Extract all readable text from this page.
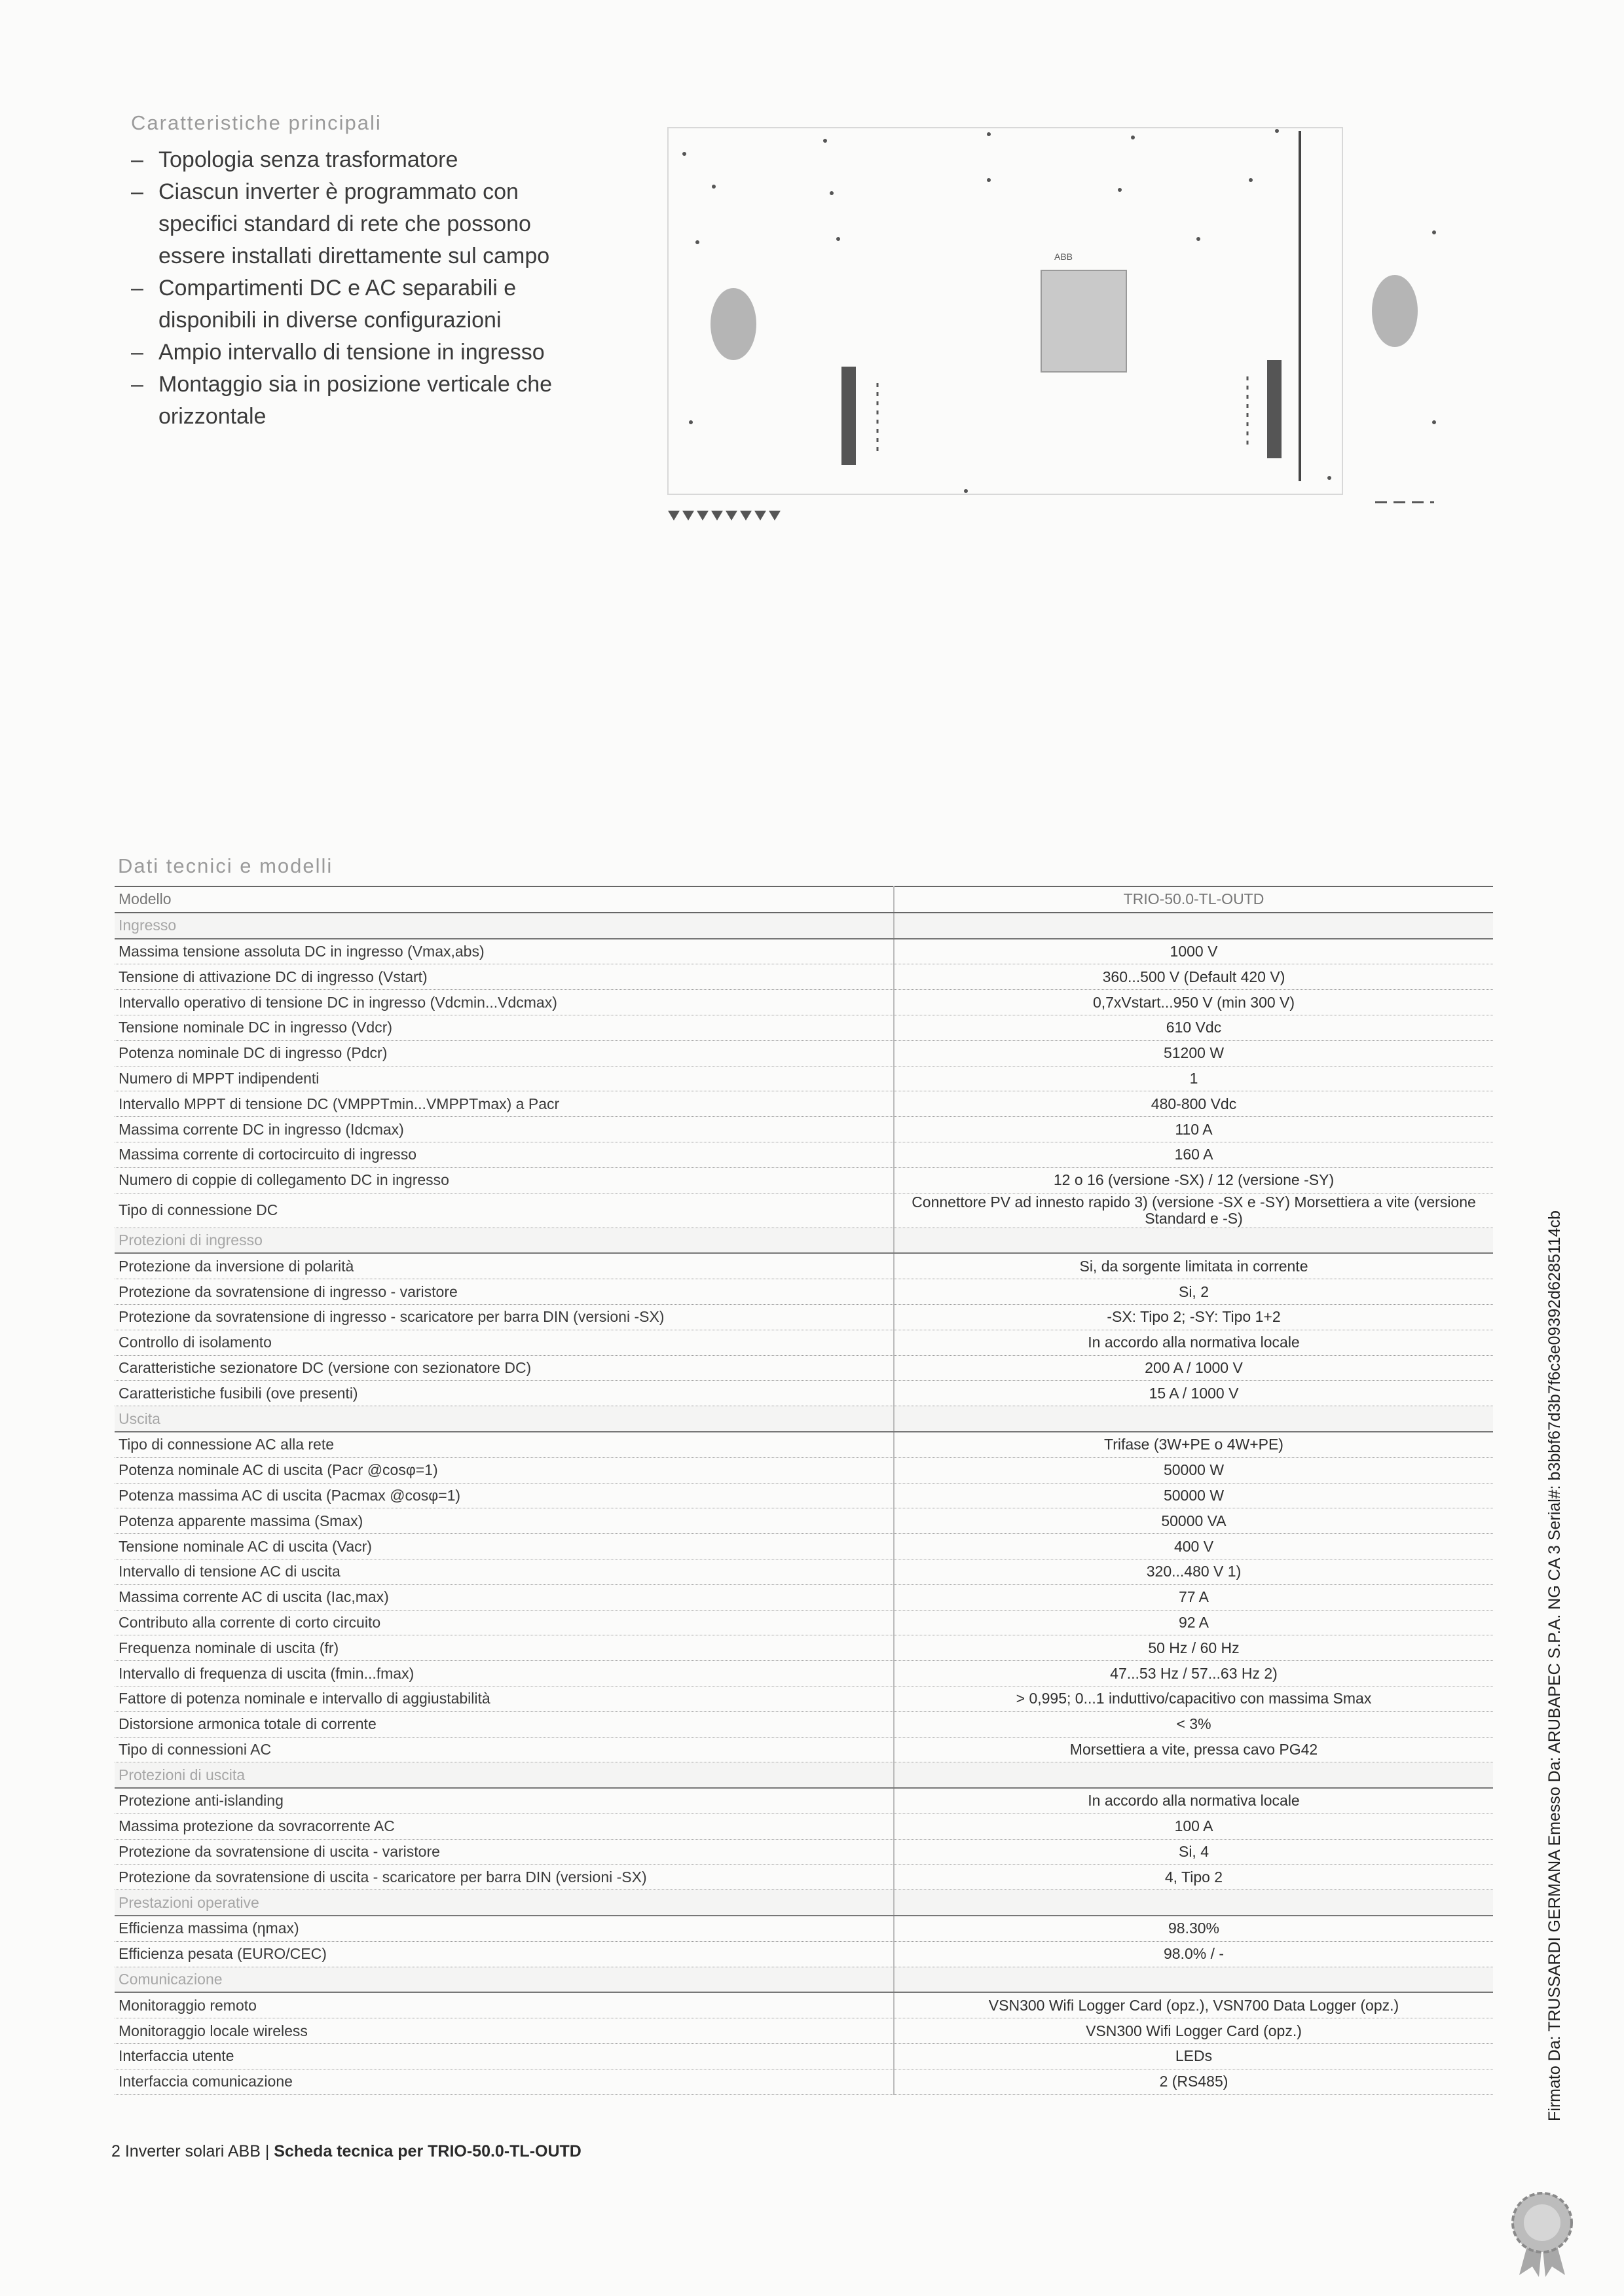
Caratteristiche principali
– Topologia senza trasformatore
– Ciascun inverter è programmato con specifici standard di rete che possono essere installati direttamente sul campo
– Compartimenti DC e AC separabili e disponibili in diverse configurazioni
– Ampio intervallo di tensione in ingresso
– Montaggio sia in posizione verticale che orizzontale
ABB
Dati tecnici e modelli
Modello	TRIO-50.0-TL-OUTD
Ingresso	
Massima tensione assoluta DC in ingresso (Vmax,abs)	1000 V
Tensione di attivazione DC di ingresso (Vstart)	360...500 V (Default 420 V)
Intervallo operativo di tensione DC in ingresso (Vdcmin...Vdcmax)	0,7xVstart...950 V (min 300 V)
Tensione nominale DC in ingresso (Vdcr)	610 Vdc
Potenza nominale DC di ingresso (Pdcr)	51200 W
Numero di MPPT indipendenti	1
Intervallo MPPT di tensione DC (VMPPTmin...VMPPTmax) a Pacr	480-800 Vdc
Massima corrente DC in ingresso (Idcmax)	110 A
Massima corrente di cortocircuito di ingresso	160 A
Numero di coppie di collegamento DC in ingresso	12 o 16 (versione -SX) / 12 (versione -SY)
Tipo di connessione DC	Connettore PV ad innesto rapido 3) (versione -SX e -SY) Morsettiera a vite (versione Standard e -S)
Protezioni di ingresso	
Protezione da inversione di polarità	Si, da sorgente limitata in corrente
Protezione da sovratensione di ingresso - varistore	Si, 2
Protezione da sovratensione di ingresso - scaricatore per barra DIN (versioni -SX)	-SX: Tipo 2; -SY: Tipo 1+2
Controllo di isolamento	In accordo alla normativa locale
Caratteristiche sezionatore DC (versione con sezionatore DC)	200 A / 1000 V
Caratteristiche fusibili (ove presenti)	15 A / 1000 V
Uscita	
Tipo di connessione AC alla rete	Trifase (3W+PE o 4W+PE)
Potenza nominale AC di uscita (Pacr @cosφ=1)	50000 W
Potenza massima AC di uscita (Pacmax @cosφ=1)	50000 W
Potenza apparente massima (Smax)	50000 VA
Tensione nominale AC di uscita (Vacr)	400 V
Intervallo di tensione AC di uscita	320...480 V 1)
Massima corrente AC di uscita (Iac,max)	77 A
Contributo alla corrente di corto circuito	92 A
Frequenza nominale di uscita (fr)	50 Hz / 60 Hz
Intervallo di frequenza di uscita (fmin...fmax)	47...53 Hz / 57...63 Hz 2)
Fattore di potenza nominale e intervallo di aggiustabilità	> 0,995; 0...1 induttivo/capacitivo con massima Smax
Distorsione armonica totale di corrente	< 3%
Tipo di connessioni AC	Morsettiera a vite, pressa cavo PG42
Protezioni di uscita	
Protezione anti-islanding	In accordo alla normativa locale
Massima protezione da sovracorrente AC	100 A
Protezione da sovratensione di uscita - varistore	Si, 4
Protezione da sovratensione di uscita - scaricatore per barra DIN (versioni -SX)	4, Tipo 2
Prestazioni operative	
Efficienza massima (ηmax)	98.30%
Efficienza pesata (EURO/CEC)	98.0% / -
Comunicazione	
Monitoraggio remoto	VSN300 Wifi Logger Card (opz.), VSN700 Data Logger (opz.)
Monitoraggio locale wireless	VSN300 Wifi Logger Card (opz.)
Interfaccia utente	LEDs
Interfaccia comunicazione	2 (RS485)
2 Inverter solari ABB | Scheda tecnica per TRIO-50.0-TL-OUTD
Firmato Da: TRUSSARDI GERMANA Emesso Da: ARUBAPEC S.P.A. NG CA 3 Serial#: b3bbf67d3b7f6c3e09392d6285114cb
